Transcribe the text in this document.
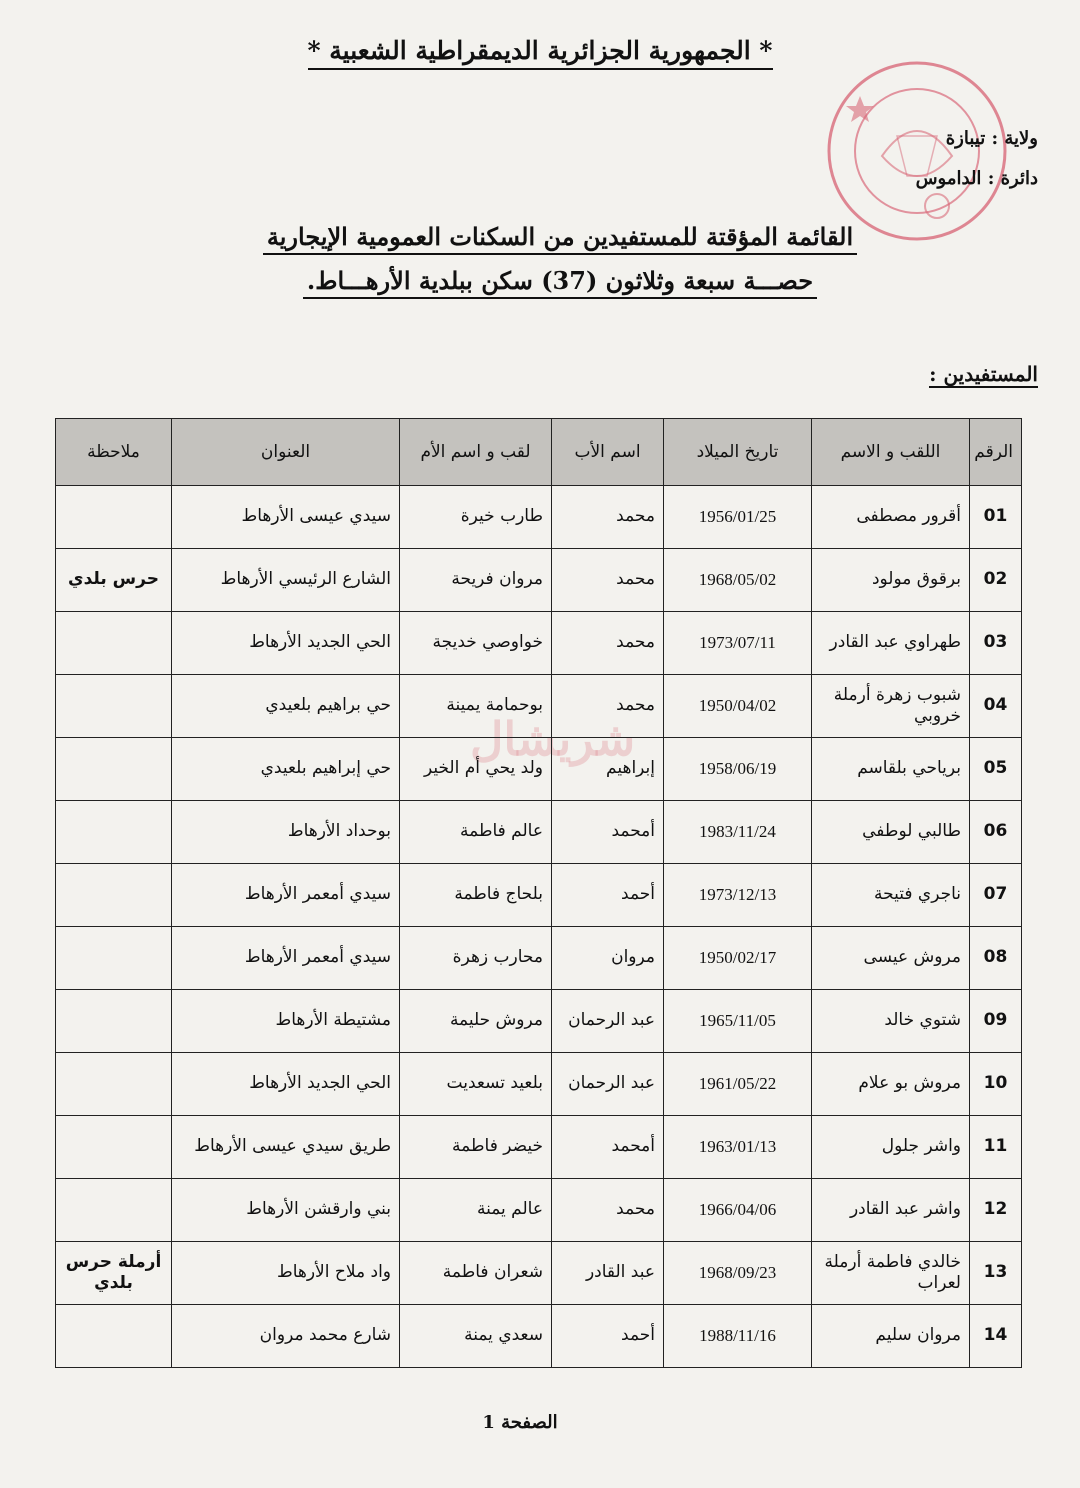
* الجمهورية الجزائرية الديمقراطية الشعبية *
ولاية : تيبازة
دائرة : الداموس
القائمة المؤقتة للمستفيدين من السكنات العمومية الإيجارية
حصـــة سبعة وثلاثون (37) سكن ببلدية الأرهـــاط.
المستفيدين :
شريشال
الرقم	اللقب و الاسم	تاريخ الميلاد	اسم الأب	لقب و اسم الأم	العنوان	ملاحظة
01	أقرور مصطفى	1956/01/25	محمد	طارب خيرة	سيدي عيسى الأرهاط	
02	برقوق مولود	1968/05/02	محمد	مروان فريحة	الشارع الرئيسي الأرهاط	حرس بلدي
03	طهراوي عبد القادر	1973/07/11	محمد	خواوصي خديجة	الحي الجديد الأرهاط	
04	شبوب زهرة أرملة خروبي	1950/04/02	محمد	بوحمامة يمينة	حي براهيم بلعيدي	
05	برياحي بلقاسم	1958/06/19	إبراهيم	ولد يحي أم الخير	حي إبراهيم بلعيدي	
06	طالبي لوطفي	1983/11/24	أمحمد	عالم فاطمة	بوحداد الأرهاط	
07	ناجري فتيحة	1973/12/13	أحمد	بلحاج فاطمة	سيدي أمعمر الأرهاط	
08	مروش عيسى	1950/02/17	مروان	محارب زهرة	سيدي أمعمر الأرهاط	
09	شتوي خالد	1965/11/05	عبد الرحمان	مروش حليمة	مشتيطة الأرهاط	
10	مروش بو علام	1961/05/22	عبد الرحمان	بلعيد تسعديت	الحي الجديد الأرهاط	
11	واشر جلول	1963/01/13	أمحمد	خيضر فاطمة	طريق سيدي عيسى الأرهاط	
12	واشر عبد القادر	1966/04/06	محمد	عالم يمنة	بني وارقشن الأرهاط	
13	خالدي فاطمة أرملة لعراب	1968/09/23	عبد القادر	شعران فاطمة	واد ملاح الأرهاط	أرملة حرس بلدي
14	مروان سليم	1988/11/16	أحمد	سعدي يمنة	شارع محمد مروان	
الصفحة 1
